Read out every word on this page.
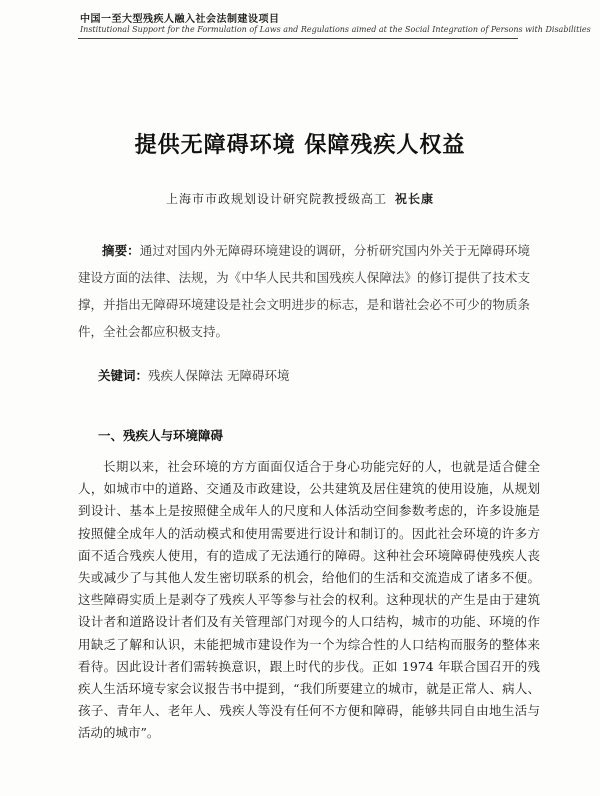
中国一至大型残疾人融入社会法制建设项目
Institutional Support for the Formulation of Laws and Regulations aimed at the Social Integration of Persons with Disabilities
提供无障碍环境 保障残疾人权益
上海市市政规划设计研究院教授级高工 祝长康
摘要：通过对国内外无障碍环境建设的调研，分析研究国内外关于无障碍环境建设方面的法律、法规，为《中华人民共和国残疾人保障法》的修订提供了技术支撑，并指出无障碍环境建设是社会文明进步的标志，是和谐社会必不可少的物质条件，全社会都应积极支持。
关键词：残疾人保障法 无障碍环境
一、残疾人与环境障碍
长期以来，社会环境的方方面面仅适合于身心功能完好的人，也就是适合健全人，如城市中的道路、交通及市政建设，公共建筑及居住建筑的使用设施，从规划到设计、基本上是按照健全成年人的尺度和人体活动空间参数考虑的，许多设施是按照健全成年人的活动模式和使用需要进行设计和制订的。因此社会环境的许多方面不适合残疾人使用，有的造成了无法通行的障碍。这种社会环境障碍使残疾人丧失或减少了与其他人发生密切联系的机会，给他们的生活和交流造成了诸多不便。这些障碍实质上是剥夺了残疾人平等参与社会的权利。这种现状的产生是由于建筑设计者和道路设计者们及有关管理部门对现今的人口结构，城市的功能、环境的作用缺乏了解和认识，未能把城市建设作为一个为综合性的人口结构而服务的整体来看待。因此设计者们需转换意识，跟上时代的步伐。正如 1974 年联合国召开的残疾人生活环境专家会议报告书中提到，“我们所要建立的城市，就是正常人、病人、孩子、青年人、老年人、残疾人等没有任何不方便和障碍，能够共同自由地生活与活动的城市”。
